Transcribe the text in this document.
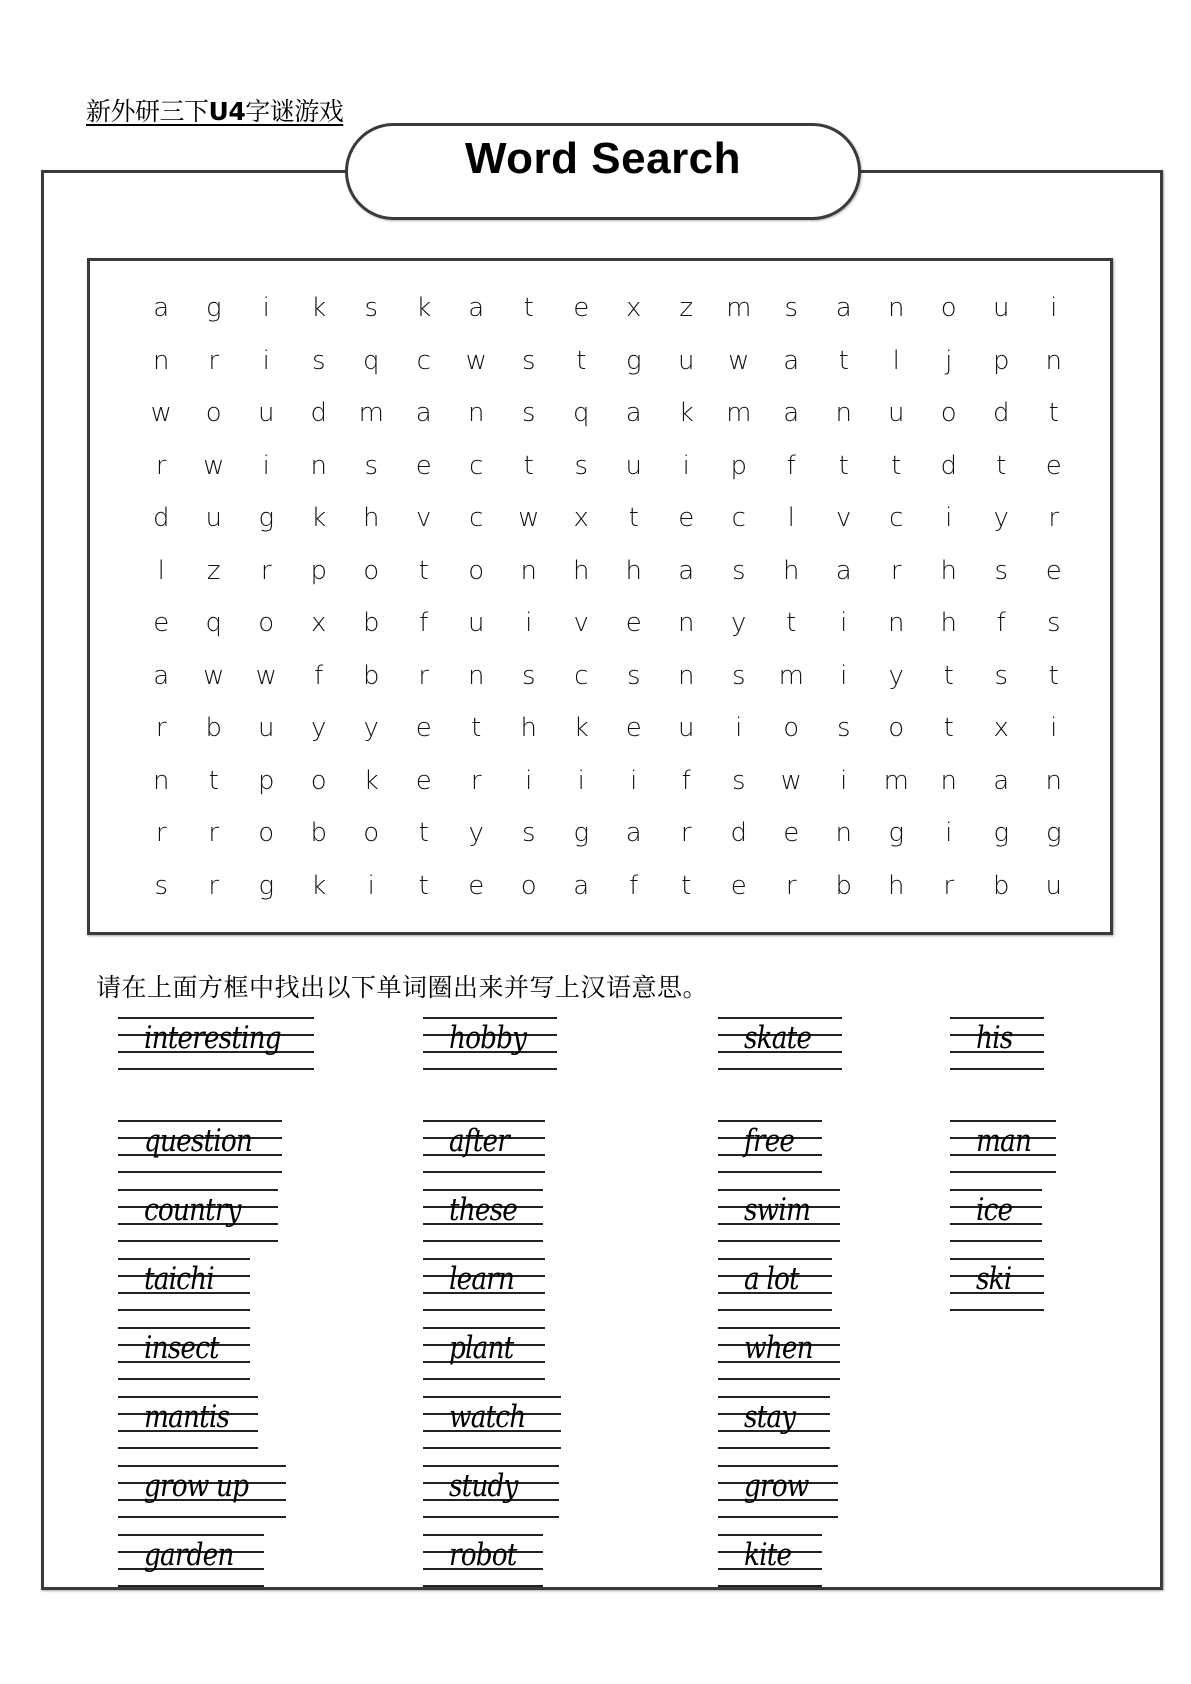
新外研三下U4字谜游戏
Word Search
a	g	i	k	s	k	a	t	e	x	z	m	s	a	n	o	u	i
n	r	i	s	q	c	w	s	t	g	u	w	a	t	l	j	p	n
w	o	u	d	m	a	n	s	q	a	k	m	a	n	u	o	d	t
r	w	i	n	s	e	c	t	s	u	i	p	f	t	t	d	t	e
d	u	g	k	h	v	c	w	x	t	e	c	l	v	c	i	y	r
l	z	r	p	o	t	o	n	h	h	a	s	h	a	r	h	s	e
e	q	o	x	b	f	u	i	v	e	n	y	t	i	n	h	f	s
a	w	w	f	b	r	n	s	c	s	n	s	m	i	y	t	s	t
r	b	u	y	y	e	t	h	k	e	u	i	o	s	o	t	x	i
n	t	p	o	k	e	r	i	i	i	f	s	w	i	m	n	a	n
r	r	o	b	o	t	y	s	g	a	r	d	e	n	g	i	g	g
s	r	g	k	i	t	e	o	a	f	t	e	r	b	h	r	b	u
请在上面方框中找出以下单词圈出来并写上汉语意思。
interesting
question
country
taichi
insect
mantis
grow up
garden
hobby
after
these
learn
plant
watch
study
robot
skate
free
swim
a lot
when
stay
grow
kite
his
man
ice
ski
